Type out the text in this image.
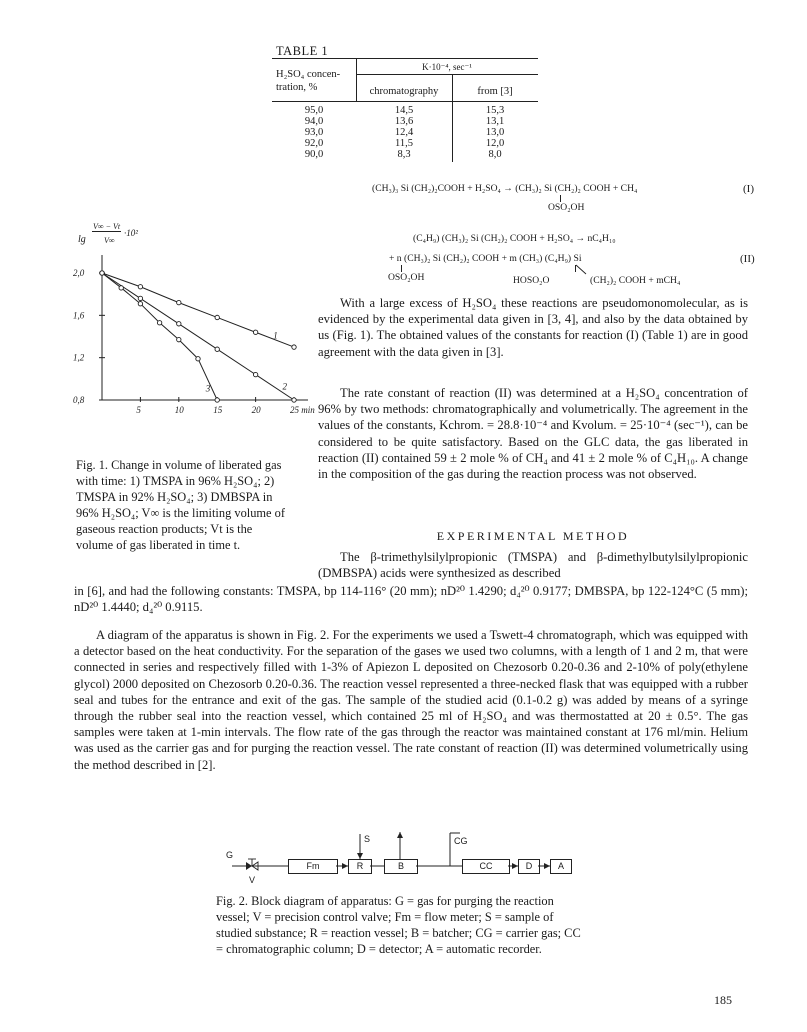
TABLE 1
H₂SO₄ concen-
tration, %
K·10⁻⁴, sec⁻¹
chromatography	from [3]
95,0	14,5	15,3
94,0	13,6	13,1
93,0	12,4	13,0
92,0	11,5	12,0
90,0	8,3	8,0
(CH₃)₃ Si (CH₂)₂COOH + H₂SO₄ → (CH₃)₂ Si (CH₂)₂ COOH + CH₄
OSO₂OH
(I)
(C₄H₉) (CH₃)₂ Si (CH₂)₂ COOH + H₂SO₄ → nC₄H₁₀
+ n (CH₃)₂ Si (CH₂)₂ COOH + m (CH₃) (C₄H₉) Si
OSO₂OH	HOSO₂O	(CH₂)₂ COOH + mCH₄
(II)
2,0
1,6
1,2
0,8
5	10	15	20	25 min
1
2
3
lg
V∞ − Vt
V∞
·10²
Fig. 1. Change in volume of liberated gas with time: 1) TMSPA in 96% H₂SO₄; 2) TMSPA in 92% H₂SO₄; 3) DMBSPA in 96% H₂SO₄; V∞ is the limiting volume of gaseous reaction products; Vt is the volume of gas liberated in time t.
With a large excess of H₂SO₄ these reactions are pseudomonomolecular, as is evidenced by the experimental data given in [3, 4], and also by the data obtained by us (Fig. 1). The obtained values of the constants for reaction (I) (Table 1) are in good agreement with the data given in [3].
The rate constant of reaction (II) was determined at a H₂SO₄ concentration of 96% by two methods: chromatographically and volumetrically. The agreement in the values of the constants, Kchrom. = 28.8·10⁻⁴ and Kvolum. = 25·10⁻⁴ (sec⁻¹), can be considered to be quite satisfactory. Based on the GLC data, the gas liberated in reaction (II) contained 59 ± 2 mole % of CH₄ and 41 ± 2 mole % of C₄H₁₀. A change in the composition of the gas during the reaction process was not observed.
EXPERIMENTAL METHOD
The β-trimethylsilylpropionic (TMSPA) and β-dimethylbutylsilylpropionic (DMBSPA) acids were synthesized as described
in [6], and had the following constants: TMSPA, bp 114-116° (20 mm); nD²⁰ 1.4290; d₄²⁰ 0.9177; DMBSPA, bp 122-124°C (5 mm); nD²⁰ 1.4440; d₄²⁰ 0.9115.
A diagram of the apparatus is shown in Fig. 2. For the experiments we used a Tswett-4 chromatograph, which was equipped with a detector based on the heat conductivity. For the separation of the gases we used two columns, with a length of 1 and 2 m, that were connected in series and respectively filled with 1-3% of Apiezon L deposited on Chezosorb 0.20-0.36 and 2-10% of poly(ethylene glycol) 2000 deposited on Chezosorb 0.20-0.36. The reaction vessel represented a three-necked flask that was equipped with a rubber seal and tubes for the entrance and exit of the gas. The sample of the studied acid (0.1-0.2 g) was added by means of a syringe through the rubber seal into the reaction vessel, which contained 25 ml of H₂SO₄ and was thermostatted at 20 ± 0.5°. The gas samples were taken at 1-min intervals. The flow rate of the gas through the reactor was maintained constant at 176 ml/min. Helium was used as the carrier gas and for purging the reaction vessel. The rate constant of reaction (II) was determined volumetrically using the method described in [2].
Fm	R	B	CC	D	A
G
V
S	CG
Fig. 2. Block diagram of apparatus: G = gas for purging the reaction vessel; V = precision control valve; Fm = flow meter; S = sample of studied substance; R = reaction vessel; B = batcher; CG = carrier gas; CC = chromatographic column; D = detector; A = automatic recorder.
185
